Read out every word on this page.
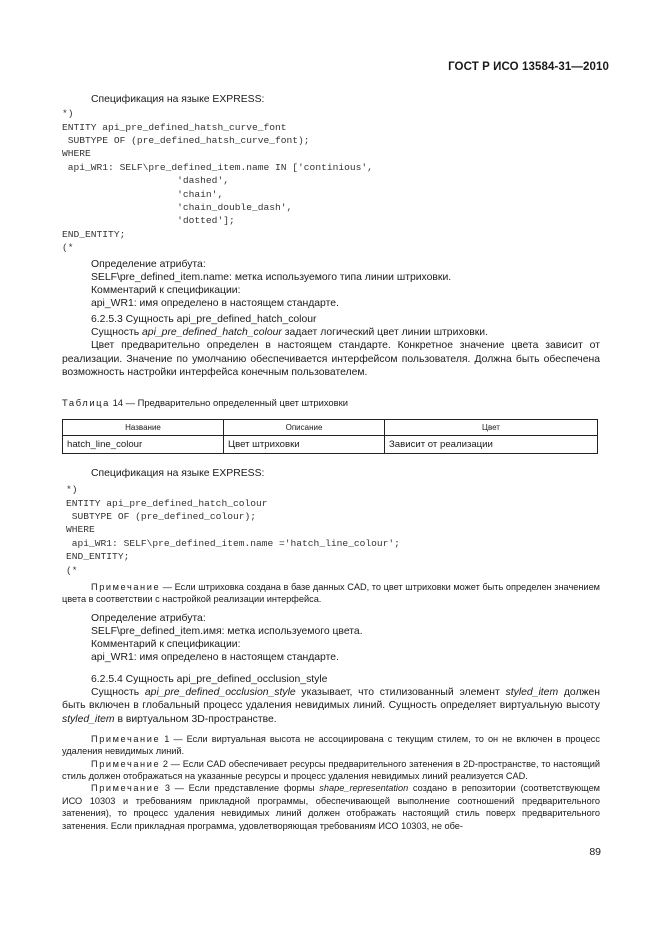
ГОСТ Р ИСО 13584-31—2010

Спецификация на языке EXPRESS:

*)
ENTITY api_pre_defined_hatsh_curve_font
SUBTYPE OF (pre_defined_hatsh_curve_font);
WHERE
api_WR1: SELF\pre_defined_item.name IN ['continious',
'dashed',
'chain',
'chain_double_dash',
'dotted'];
END_ENTITY;
(*

Определение атрибута:

SELF\pre_defined_item.name: метка используемого типа линии штриховки.

Комментарий к спецификации:

api_WR1: имя определено в настоящем стандарте.

6.2.5.3 Сущность api_pre_defined_hatch_colour

Сущность api_pre_defined_hatch_colour задает логический цвет линии штриховки.

Цвет предварительно определен в настоящем стандарте. Конкретное значение цвета зависит от реализации. Значение по умолчанию обеспечивается интерфейсом пользователя. Должна быть обеспечена возможность настройки интерфейса конечным пользователем.

Таблица 14 — Предварительно определенный цвет штриховки

Название	Описание	Цвет
hatch_line_colour	Цвет штриховки	Зависит от реализации

Спецификация на языке EXPRESS:

*)
ENTITY api_pre_defined_hatch_colour
SUBTYPE OF (pre_defined_colour);
WHERE
api_WR1: SELF\pre_defined_item.name ='hatch_line_colour';
END_ENTITY;
(*

Примечание — Если штриховка создана в базе данных CAD, то цвет штриховки может быть определен значением цвета в соответствии с настройкой реализации интерфейса.

Определение атрибута:

SELF\pre_defined_item.имя: метка используемого цвета.

Комментарий к спецификации:

api_WR1: имя определено в настоящем стандарте.

6.2.5.4 Сущность api_pre_defined_occlusion_style

Сущность api_pre_defined_occlusion_style указывает, что стилизованный элемент styled_item должен быть включен в глобальный процесс удаления невидимых линий. Сущность определяет виртуальную высоту styled_item в виртуальном 3D-пространстве.

Примечание 1 — Если виртуальная высота не ассоциирована с текущим стилем, то он не включен в процесс удаления невидимых линий.

Примечание 2 — Если CAD обеспечивает ресурсы предварительного затенения в 2D-пространстве, то настоящий стиль должен отображаться на указанные ресурсы и процесс удаления невидимых линий реализуется CAD.

Примечание 3 — Если представление формы shape_representation создано в репозитории (соответствующем ИСО 10303 и требованиям прикладной программы, обеспечивающей выполнение соотношений предварительного затенения), то процесс удаления невидимых линий должен отображать настоящий стиль поверх предварительного затенения. Если прикладная программа, удовлетворяющая требованиям ИСО 10303, не обе-

89
